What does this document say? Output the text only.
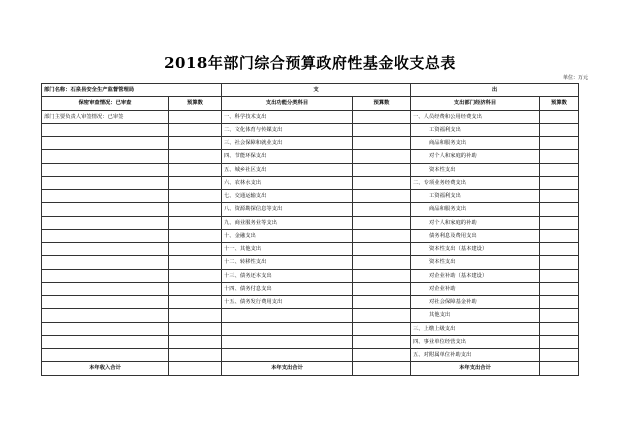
2018年部门综合预算政府性基金收支总表
单位：万元
部门名称：石泉县安全生产监督管理局		支		出	
保密审查情况：已审查	预算数	支出功能分类科目	预算数	支出部门经济科目	预算数
部门主要负责人审签情况：已审签		一、科学技术支出		一、人员经费和公用经费支出	
		二、文化体育与传媒支出		工资福利支出	
		三、社会保障和就业支出		商品和服务支出	
		四、节能环保支出		对个人和家庭的补助	
		五、城乡社区支出		资本性支出	
		六、农林水支出		二、专项业务经费支出	
		七、交通运输支出		工资福利支出	
		八、资源勘探信息等支出		商品和服务支出	
		九、商业服务业等支出		对个人和家庭的补助	
		十、金融支出		债务利息及费用支出	
		十一、其他支出		资本性支出（基本建设）	
		十二、转移性支出		资本性支出	
		十三、债务还本支出		对企业补助（基本建设）	
		十四、债务付息支出		对企业补助	
		十五、债务发行费用支出		对社会保障基金补助	
				其他支出	
				三、上缴上级支出	
				四、事业单位经营支出	
				五、对附属单位补助支出	
本年收入合计		本年支出合计		本年支出合计	
